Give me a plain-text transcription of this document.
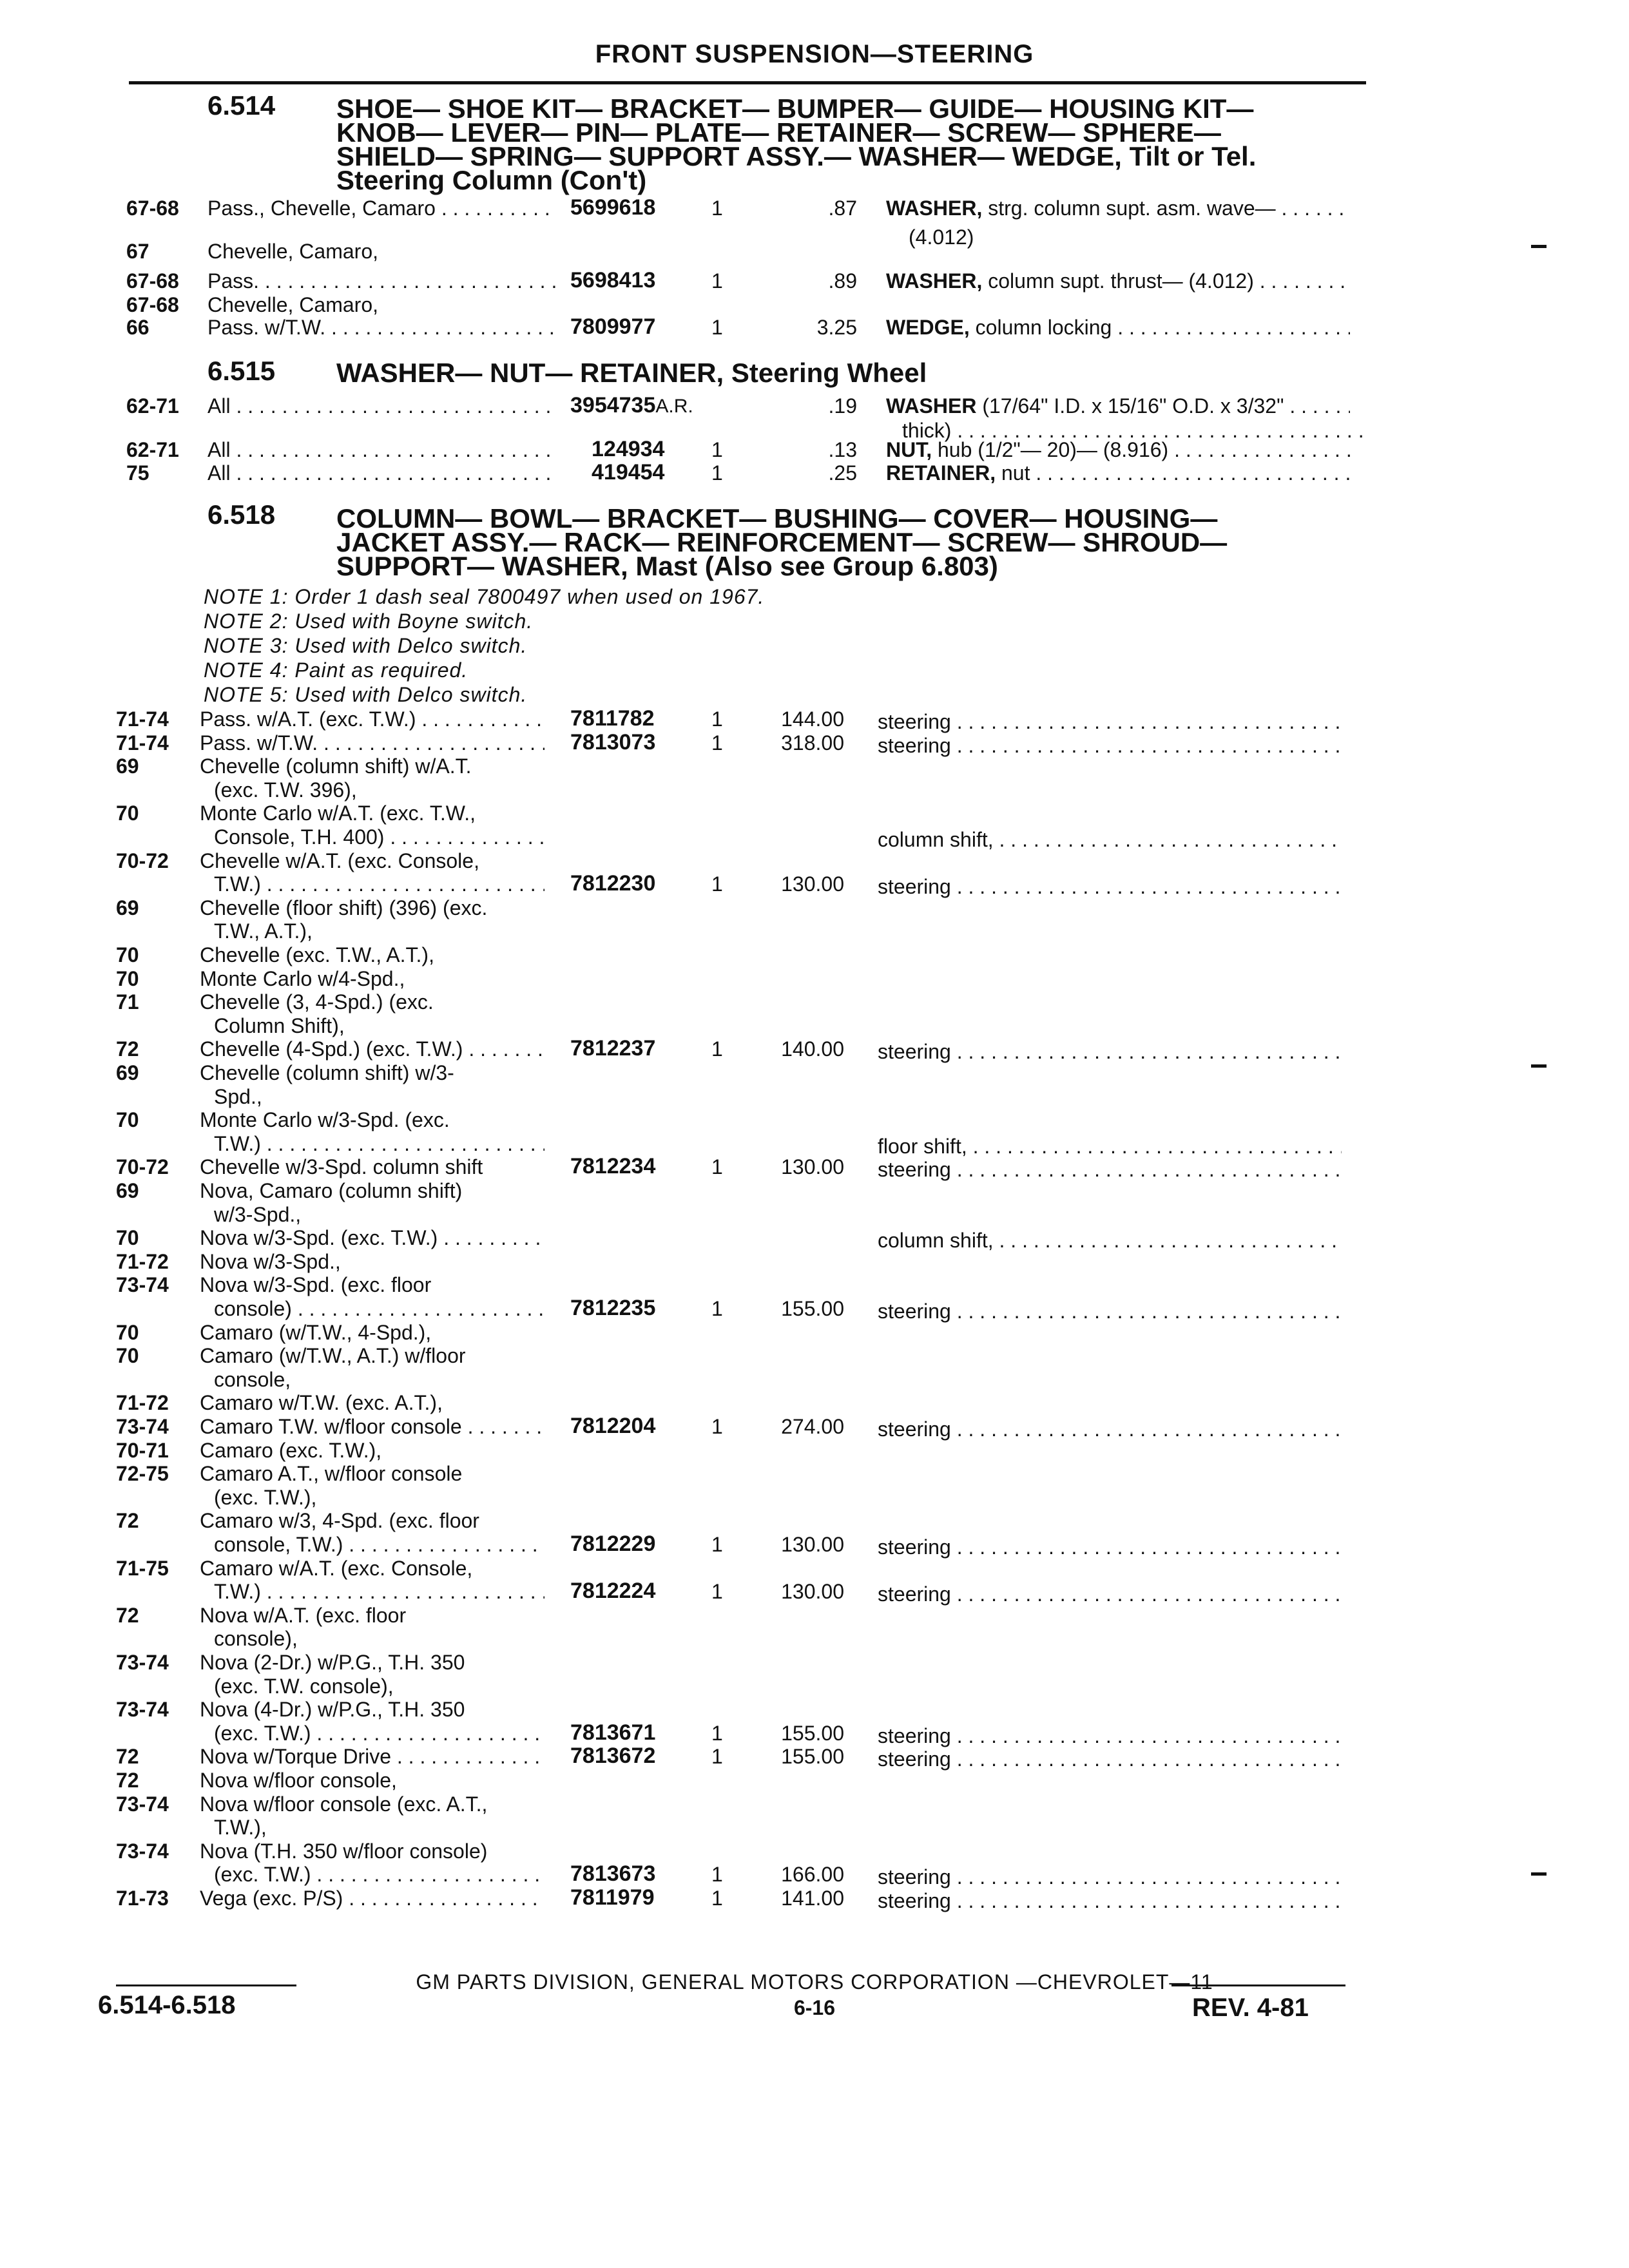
FRONT SUSPENSION—STEERING
6.514 SHOE— SHOE KIT— BRACKET— BUMPER— GUIDE— HOUSING KIT—
KNOB— LEVER— PIN— PLATE— RETAINER— SCREW— SPHERE—
SHIELD— SPRING— SUPPORT ASSY.— WASHER— WEDGE, Tilt or Tel.
Steering Column (Con't)
67-68 Pass., Chevelle, Camaro . . .	5699618	1	.87 WASHER, strg. column supt. asm. wave— . . .
(4.012)
67	Chevelle, Camaro,
67-68 Pass. . . .	5698413	1	.89 WASHER, column supt. thrust— (4.012) . . .
67-68 Chevelle, Camaro,
66	Pass. w/T.W. . . .	7809977	1	3.25 WEDGE, column locking . . .
6.515 WASHER— NUT— RETAINER, Steering Wheel
62-71 All . . .	3954735A.R.	.19 WASHER (17/64" I.D. x 15/16" O.D. x 3/32" . . .
thick) . . .
62-71 All . . .	124934 1	.13 NUT, hub (1/2"— 20)— (8.916) . . .
75	All . . .	419454 1	.25 RETAINER, nut . . .
6.518 COLUMN— BOWL— BRACKET— BUSHING— COVER— HOUSING—
JACKET ASSY.— RACK— REINFORCEMENT— SCREW— SHROUD—
SUPPORT— WASHER, Mast (Also see Group 6.803)
NOTE 1: Order 1 dash seal 7800497 when used on 1967.
NOTE 2: Used with Boyne switch.
NOTE 3: Used with Delco switch.
NOTE 4: Paint as required.
NOTE 5: Used with Delco switch.
71-74 Pass. w/A.T. (exc. T.W.) . . .	7811782	1	144.00 steering . . .
71-74 Pass. w/T.W. . . .	7813073	1	318.00 steering . . .
69	Chevelle (column shift) w/A.T.
(exc. T.W. 396),
70	Monte Carlo w/A.T. (exc. T.W.,
Console, T.H. 400) . . .	column shift, . . .
70-72 Chevelle w/A.T. (exc. Console,
T.W.) . . .	7812230	1	130.00 steering . . .
69	Chevelle (floor shift) (396) (exc.
T.W., A.T.),
70	Chevelle (exc. T.W., A.T.),
70	Monte Carlo w/4-Spd.,
71	Chevelle (3, 4-Spd.) (exc.
Column Shift),
72	Chevelle (4-Spd.) (exc. T.W.) . . .	7812237	1	140.00 steering . . .
69	Chevelle (column shift) w/3-
Spd.,
70	Monte Carlo w/3-Spd. (exc.
T.W.) . . .	floor shift, . . .
70-72 Chevelle w/3-Spd. column shift	7812234	1	130.00 steering . . .
69	Nova, Camaro (column shift)
w/3-Spd.,
70	Nova w/3-Spd. (exc. T.W.) . . .	column shift, . . .
71-72 Nova w/3-Spd.,
73-74 Nova w/3-Spd. (exc. floor
console) . . .	7812235	1	155.00 steering . . .
70	Camaro (w/T.W., 4-Spd.),
70	Camaro (w/T.W., A.T.) w/floor
console,
71-72 Camaro w/T.W. (exc. A.T.),
73-74 Camaro T.W. w/floor console . . .	7812204	1	274.00 steering . . .
70-71 Camaro (exc. T.W.),
72-75 Camaro A.T., w/floor console
(exc. T.W.),
72	Camaro w/3, 4-Spd. (exc. floor
console, T.W.) . . .	7812229	1	130.00 steering . . .
71-75 Camaro w/A.T. (exc. Console,
T.W.) . . .	7812224	1	130.00 steering . . .
72	Nova w/A.T. (exc. floor
console),
73-74 Nova (2-Dr.) w/P.G., T.H. 350
(exc. T.W. console),
73-74 Nova (4-Dr.) w/P.G., T.H. 350
(exc. T.W.) . . .	7813671	1	155.00 steering . . .
72	Nova w/Torque Drive . . .	7813672	1	155.00 steering . . .
72	Nova w/floor console,
73-74 Nova w/floor console (exc. A.T.,
T.W.),
73-74 Nova (T.H. 350 w/floor console)
(exc. T.W.) . . .	7813673	1	166.00 steering . . .
71-73 Vega (exc. P/S) . . .	7811979	1	141.00 steering . . .
GM PARTS DIVISION, GENERAL MOTORS CORPORATION —CHEVROLET—11
6.514-6.518	6-16	REV. 4-81
